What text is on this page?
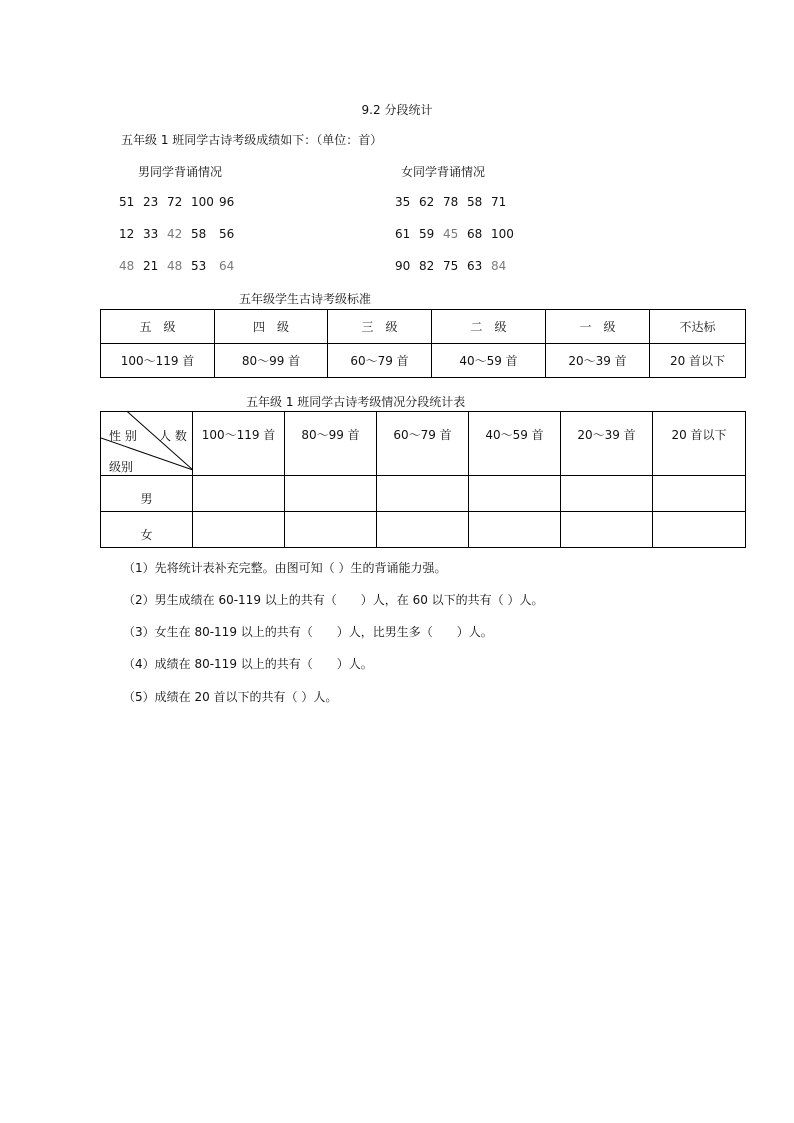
9.2 分段统计
五年级 1 班同学古诗考级成绩如下：（单位：首）
男同学背诵情况	女同学背诵情况
51 23 72 100 96
12 33 42 58	56
48 21 48 53	64
35 62 78 58 71
61 59 45 68 100
90 82 75 63 84
五年级学生古诗考级标准
五　级	四　级	三　级	二　级	一　级	不达标
100～119 首	80～99 首	60～79 首	40～59 首	20～39 首	20 首以下
五年级 1 班同学古诗考级情况分段统计表
性 别 人 数
级别	100～119 首	80～99 首	60～79 首	40～59 首	20～39 首	20 首以下
男						
女						
（1）先将统计表补充完整。由图可知（ ）生的背诵能力强。
（2）男生成绩在 60-119 以上的共有（　　）人，在 60 以下的共有（ ）人。
（3）女生在 80-119 以上的共有（　　）人，比男生多（　　）人。
（4）成绩在 80-119 以上的共有（　　）人。
（5）成绩在 20 首以下的共有（ ）人。
